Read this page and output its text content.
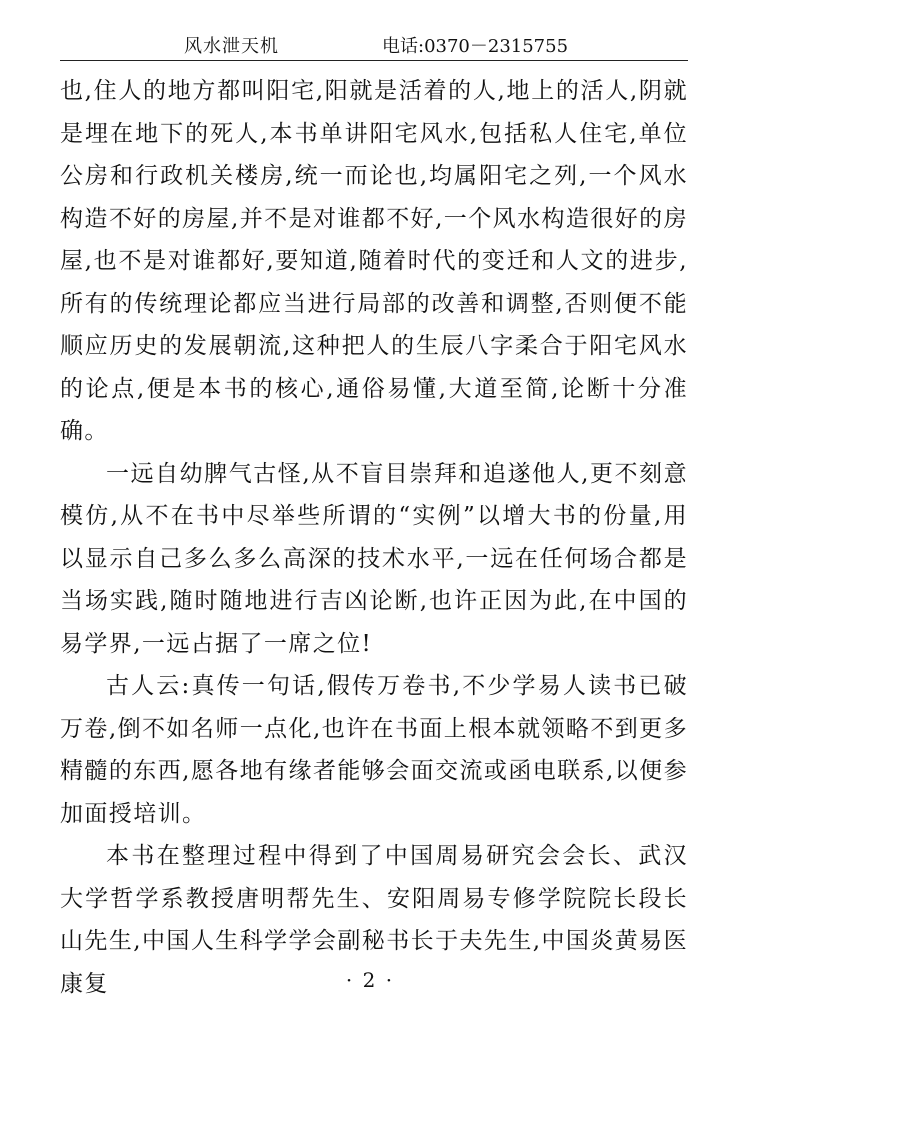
风水泄天机	电话:0370－2315755

也,住人的地方都叫阳宅,阳就是活着的人,地上的活人,阴就是埋在地下的死人,本书单讲阳宅风水,包括私人住宅,单位公房和行政机关楼房,统一而论也,均属阳宅之列,一个风水构造不好的房屋,并不是对谁都不好,一个风水构造很好的房屋,也不是对谁都好,要知道,随着时代的变迁和人文的进步,所有的传统理论都应当进行局部的改善和调整,否则便不能顺应历史的发展朝流,这种把人的生辰八字柔合于阳宅风水的论点,便是本书的核心,通俗易懂,大道至简,论断十分准确。

一远自幼脾气古怪,从不盲目崇拜和追遂他人,更不刻意模仿,从不在书中尽举些所谓的“实例”以增大书的份量,用以显示自己多么多么高深的技术水平,一远在任何场合都是当场实践,随时随地进行吉凶论断,也许正因为此,在中国的易学界,一远占据了一席之位!

古人云:真传一句话,假传万卷书,不少学易人读书已破万卷,倒不如名师一点化,也许在书面上根本就领略不到更多精髓的东西,愿各地有缘者能够会面交流或函电联系,以便参加面授培训。

本书在整理过程中得到了中国周易研究会会长、武汉大学哲学系教授唐明帮先生、安阳周易专修学院院长段长山先生,中国人生科学学会副秘书长于夫先生,中国炎黄易医康复	· 2 ·
